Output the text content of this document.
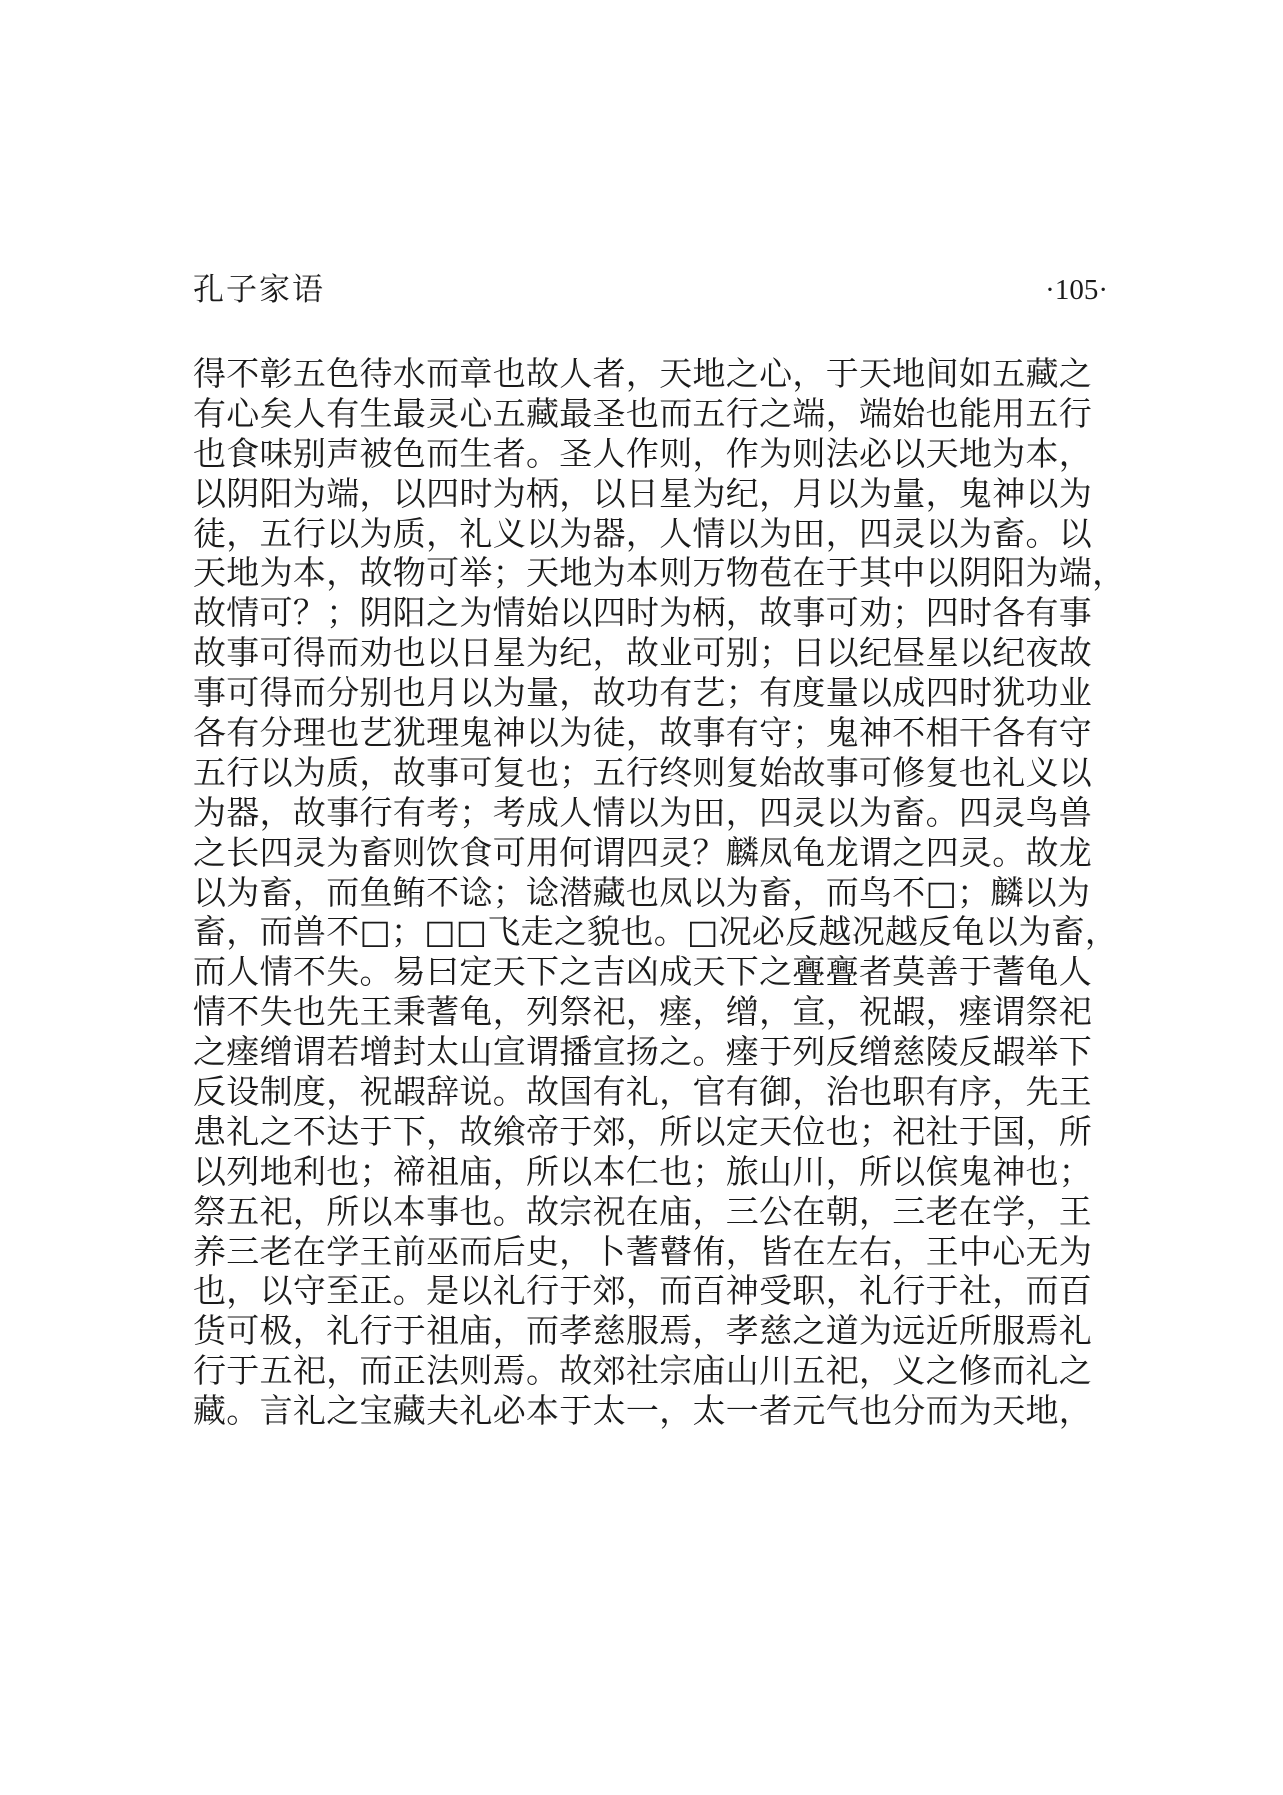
孔子家语	·105·
得不彰五色待水而章也故人者，天地之心，于天地间如五藏之
有心矣人有生最灵心五藏最圣也而五行之端，端始也能用五行
也食味别声被色而生者。圣人作则，作为则法必以天地为本，
以阴阳为端，以四时为柄，以日星为纪，月以为量，鬼神以为
徒，五行以为质，礼义以为器，人情以为田，四灵以为畜。以
天地为本，故物可举；天地为本则万物苞在于其中以阴阳为端，
故情可？；阴阳之为情始以四时为柄，故事可劝；四时各有事
故事可得而劝也以日星为纪，故业可别；日以纪昼星以纪夜故
事可得而分别也月以为量，故功有艺；有度量以成四时犹功业
各有分理也艺犹理鬼神以为徒，故事有守；鬼神不相干各有守
五行以为质，故事可复也；五行终则复始故事可修复也礼义以
为器，故事行有考；考成人情以为田，四灵以为畜。四灵鸟兽
之长四灵为畜则饮食可用何谓四灵？麟凤龟龙谓之四灵。故龙
以为畜，而鱼鲔不谂；谂潜藏也凤以为畜，而鸟不□；麟以为
畜，而兽不□；□□飞走之貌也。□况必反越况越反龟以为畜，
而人情不失。易曰定天下之吉凶成天下之亹亹者莫善于蓍龟人
情不失也先王秉蓍龟，列祭祀，瘗，缯，宣，祝嘏，瘗谓祭祀
之瘗缯谓若增封太山宣谓播宣扬之。瘗于列反缯慈陵反嘏举下
反设制度，祝嘏辞说。故国有礼，官有御，治也职有序，先王
患礼之不达于下，故飨帝于郊，所以定天位也；祀社于国，所
以列地利也；禘祖庙，所以本仁也；旅山川，所以傧鬼神也；
祭五祀，所以本事也。故宗祝在庙，三公在朝，三老在学，王
养三老在学王前巫而后史，卜蓍瞽侑，皆在左右，王中心无为
也，以守至正。是以礼行于郊，而百神受职，礼行于社，而百
货可极，礼行于祖庙，而孝慈服焉，孝慈之道为远近所服焉礼
行于五祀，而正法则焉。故郊社宗庙山川五祀，义之修而礼之
藏。言礼之宝藏夫礼必本于太一，太一者元气也分而为天地，
